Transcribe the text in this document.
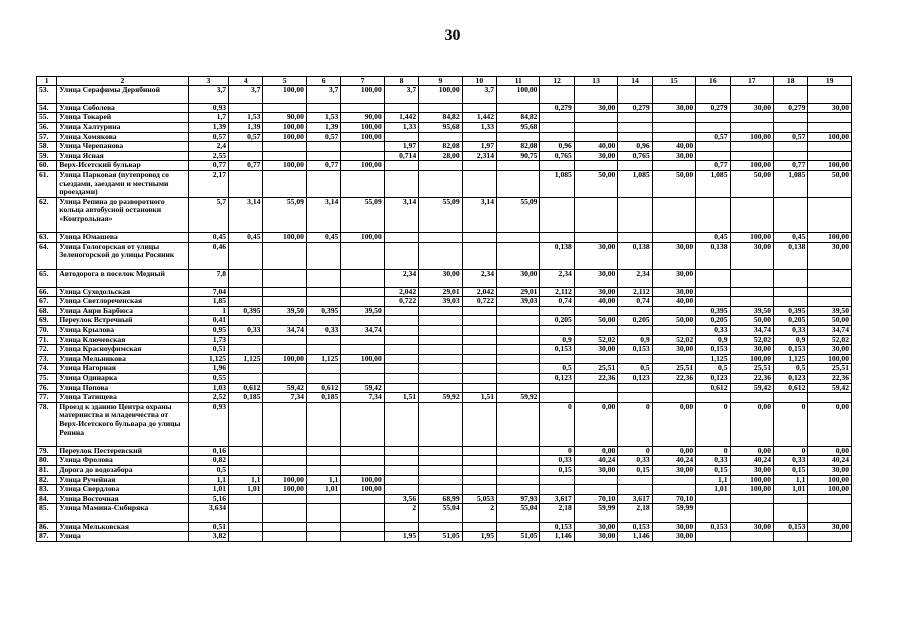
30
1	2	3	4	5	6	7	8	9	10	11	12	13	14	15	16	17	18	19
53.	Улица Серафимы Дерябиной	3,7	3,7	100,00	3,7	100,00	3,7	100,00	3,7	100,00								
54.	Улица Соболева	0,93									0,279	30,00	0,279	30,00	0,279	30,00	0,279	30,00
55.	Улица Токарей	1,7	1,53	90,00	1,53	90,00	1,442	84,82	1,442	84,82								
56.	Улица Халтурина	1,39	1,39	100,00	1,39	100,00	1,33	95,68	1,33	95,68								
57.	Улица Хомякова	0,57	0,57	100,00	0,57	100,00									0,57	100,00	0,57	100,00
58.	Улица Черепанова	2,4					1,97	82,08	1,97	82,08	0,96	40,00	0,96	40,00				
59.	Улица Ясная	2,55					0,714	28,00	2,314	90,75	0,765	30,00	0,765	30,00				
60.	Верх-Исетский бульвар	0,77	0,77	100,00	0,77	100,00									0,77	100,00	0,77	100,00
61.	Улица Парковая (путепровод со съездами, заездами и местными проездами)	2,17									1,085	50,00	1,085	50,00	1,085	50,00	1,085	50,00
62.	Улица Репина до разворотного кольца автобусной остановки «Контрольная»	5,7	3,14	55,09	3,14	55,09	3,14	55,09	3,14	55,09								
63.	Улица Юмашева	0,45	0,45	100,00	0,45	100,00									0,45	100,00	0,45	100,00
64.	Улица Гологорская от улицы Зеленогорской до улицы Росяник	0,46									0,138	30,00	0,138	30,00	0,138	30,00	0,138	30,00
65.	Автодорога в поселок Медный	7,8					2,34	30,00	2,34	30,00	2,34	30,00	2,34	30,00				
66.	Улица Суходольская	7,04					2,042	29,01	2,042	29,01	2,112	30,00	2,112	30,00				
67.	Улица Светлореченская	1,85					0,722	39,03	0,722	39,03	0,74	40,00	0,74	40,00				
68.	Улица Анри Барбюса	1	0,395	39,50	0,395	39,50									0,395	39,50	0,395	39,50
69.	Переулок Встречный	0,41									0,205	50,00	0,205	50,00	0,205	50,00	0,205	50,00
70.	Улица Крылова	0,95	0,33	34,74	0,33	34,74									0,33	34,74	0,33	34,74
71.	Улица Ключевская	1,73									0,9	52,02	0,9	52,02	0,9	52,02	0,9	52,02
72.	Улица Красноуфимская	0,51									0,153	30,00	0,153	30,00	0,153	30,00	0,153	30,00
73.	Улица Мельникова	1,125	1,125	100,00	1,125	100,00									1,125	100,00	1,125	100,00
74.	Улица Нагорная	1,96									0,5	25,51	0,5	25,51	0,5	25,51	0,5	25,51
75.	Улица Одинарка	0,55									0,123	22,36	0,123	22,36	0,123	22,36	0,123	22,36
76.	Улица Попова	1,03	0,612	59,42	0,612	59,42									0,612	59,42	0,612	59,42
77.	Улица Татищева	2,52	0,185	7,34	0,185	7,34	1,51	59,92	1,51	59,92								
78.	Проезд к зданию Центра охраны материнства и младенчества от Верх-Исетского бульвара до улицы Репина	0,93									0	0,00	0	0,00	0	0,00	0	0,00
79.	Переулок Пестеревский	0,16									0	0,00	0	0,00	0	0,00	0	0,00
80.	Улица Фролова	0,82									0,33	40,24	0,33	40,24	0,33	40,24	0,33	40,24
81.	Дорога до водозабора	0,5									0,15	30,00	0,15	30,00	0,15	30,00	0,15	30,00
82.	Улица Ручейная	1,1	1,1	100,00	1,1	100,00									1,1	100,00	1,1	100,00
83.	Улица Свердлова	1,01	1,01	100,00	1,01	100,00									1,01	100,00	1,01	100,00
84.	Улица Восточная	5,16					3,56	68,99	5,053	97,93	3,617	70,10	3,617	70,10				
85.	Улица Мамина-Сибиряка	3,634					2	55,04	2	55,04	2,18	59,99	2,18	59,99				
86.	Улица Мельковская	0,51									0,153	30,00	0,153	30,00	0,153	30,00	0,153	30,00
87.	Улица	3,82					1,95	51,05	1,95	51,05	1,146	30,00	1,146	30,00				
